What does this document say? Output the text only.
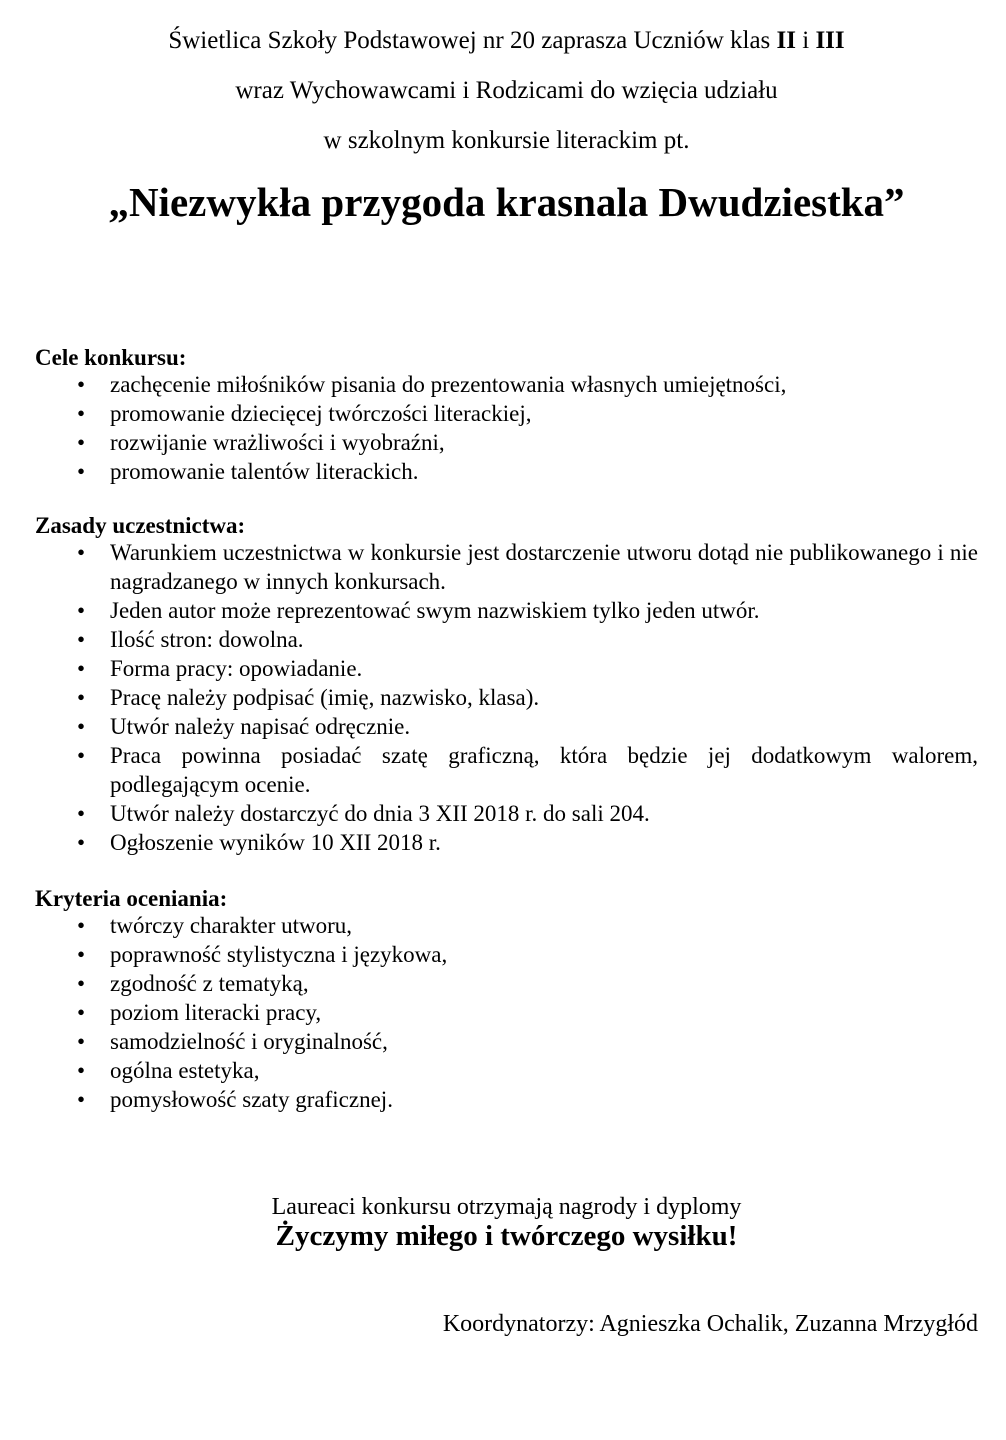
Świetlica Szkoły Podstawowej nr 20 zaprasza Uczniów klas II i III

wraz Wychowawcami i Rodzicami do wzięcia udziału

w szkolnym konkursie literackim pt.

„Niezwykła przygoda krasnala Dwudziestka”
Cele konkursu:
• zachęcenie miłośników pisania do prezentowania własnych umiejętności,
• promowanie dziecięcej twórczości literackiej,
• rozwijanie wrażliwości i wyobraźni,
• promowanie talentów literackich.
Zasady uczestnictwa:
• Warunkiem uczestnictwa w konkursie jest dostarczenie utworu dotąd nie publikowanego i nie nagradzanego w innych konkursach.
• Jeden autor może reprezentować swym nazwiskiem tylko jeden utwór.
• Ilość stron: dowolna.
• Forma pracy: opowiadanie.
• Pracę należy podpisać (imię, nazwisko, klasa).
• Utwór należy napisać odręcznie.
• Praca powinna posiadać szatę graficzną, która będzie jej dodatkowym walorem, podlegającym ocenie.
• Utwór należy dostarczyć do dnia 3 XII 2018 r. do sali 204.
• Ogłoszenie wyników 10 XII 2018 r.
Kryteria oceniania:
• twórczy charakter utworu,
• poprawność stylistyczna i językowa,
• zgodność z tematyką,
• poziom literacki pracy,
• samodzielność i oryginalność,
• ogólna estetyka,
• pomysłowość szaty graficznej.

Laureaci konkursu otrzymają nagrody i dyplomy

Życzymy miłego i twórczego wysiłku!

Koordynatorzy: Agnieszka Ochalik, Zuzanna Mrzygłód
